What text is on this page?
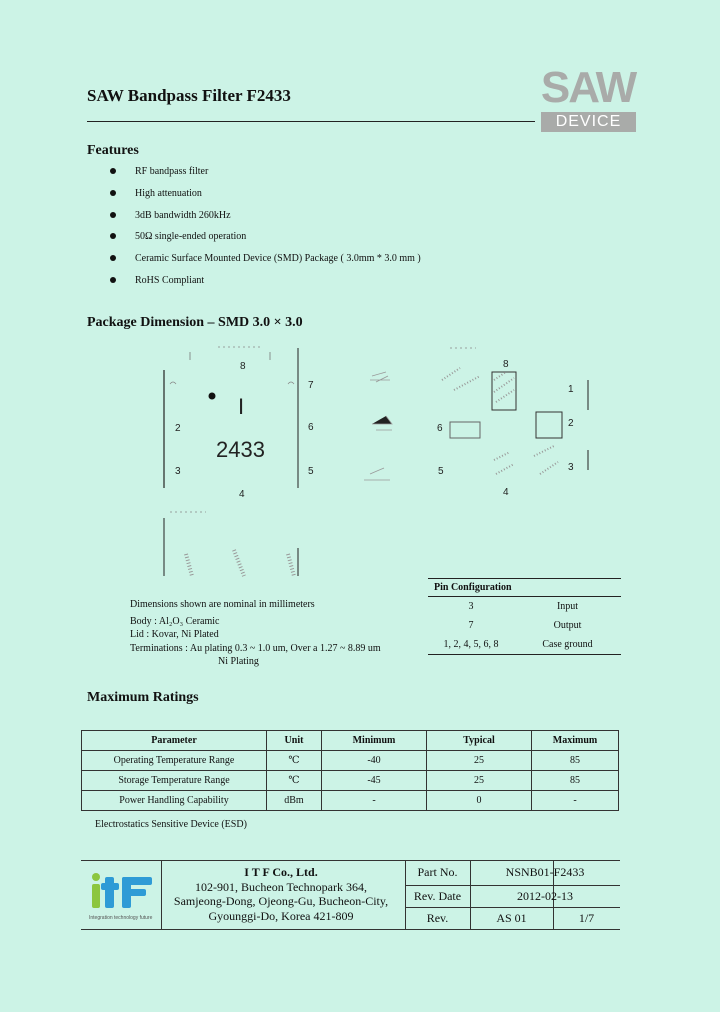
SAW Bandpass Filter F2433	SAW
DEVICE
Features
RF bandpass filter
High attenuation
3dB bandwidth 260kHz
50Ω single-ended operation
Ceramic Surface Mounted Device (SMD) Package ( 3.0mm * 3.0 mm )
RoHS Compliant
Package Dimension – SMD 3.0 × 3.0
I
2433
8
7
6
5
4
3
2
8
6
5
4
1
2
3
Dimensions shown are nominal in millimeters
Body : Al₂O₃ Ceramic
Lid : Kovar, Ni Plated
Terminations : Au plating 0.3 ~ 1.0 um, Over a 1.27 ~ 8.89 um
Ni Plating
Pin Configuration	
3	Input
7	Output
1, 2, 4, 5, 6, 8	Case ground
Maximum Ratings
Parameter	Unit	Minimum	Typical	Maximum
Operating Temperature Range	℃	-40	25	85
Storage Temperature Range	℃	-45	25	85
Power Handling Capability	dBm	-	0	-
Electrostatics Sensitive Device (ESD)
Integration technology future
I T F Co., Ltd.
102-901, Bucheon Technopark 364,
Samjeong-Dong, Ojeong-Gu, Bucheon-City,
Gyounggi-Do, Korea 421-809
Part No.	NSNB01-F2433
Rev. Date	2012-02-13
Rev.	AS 01	1/7
